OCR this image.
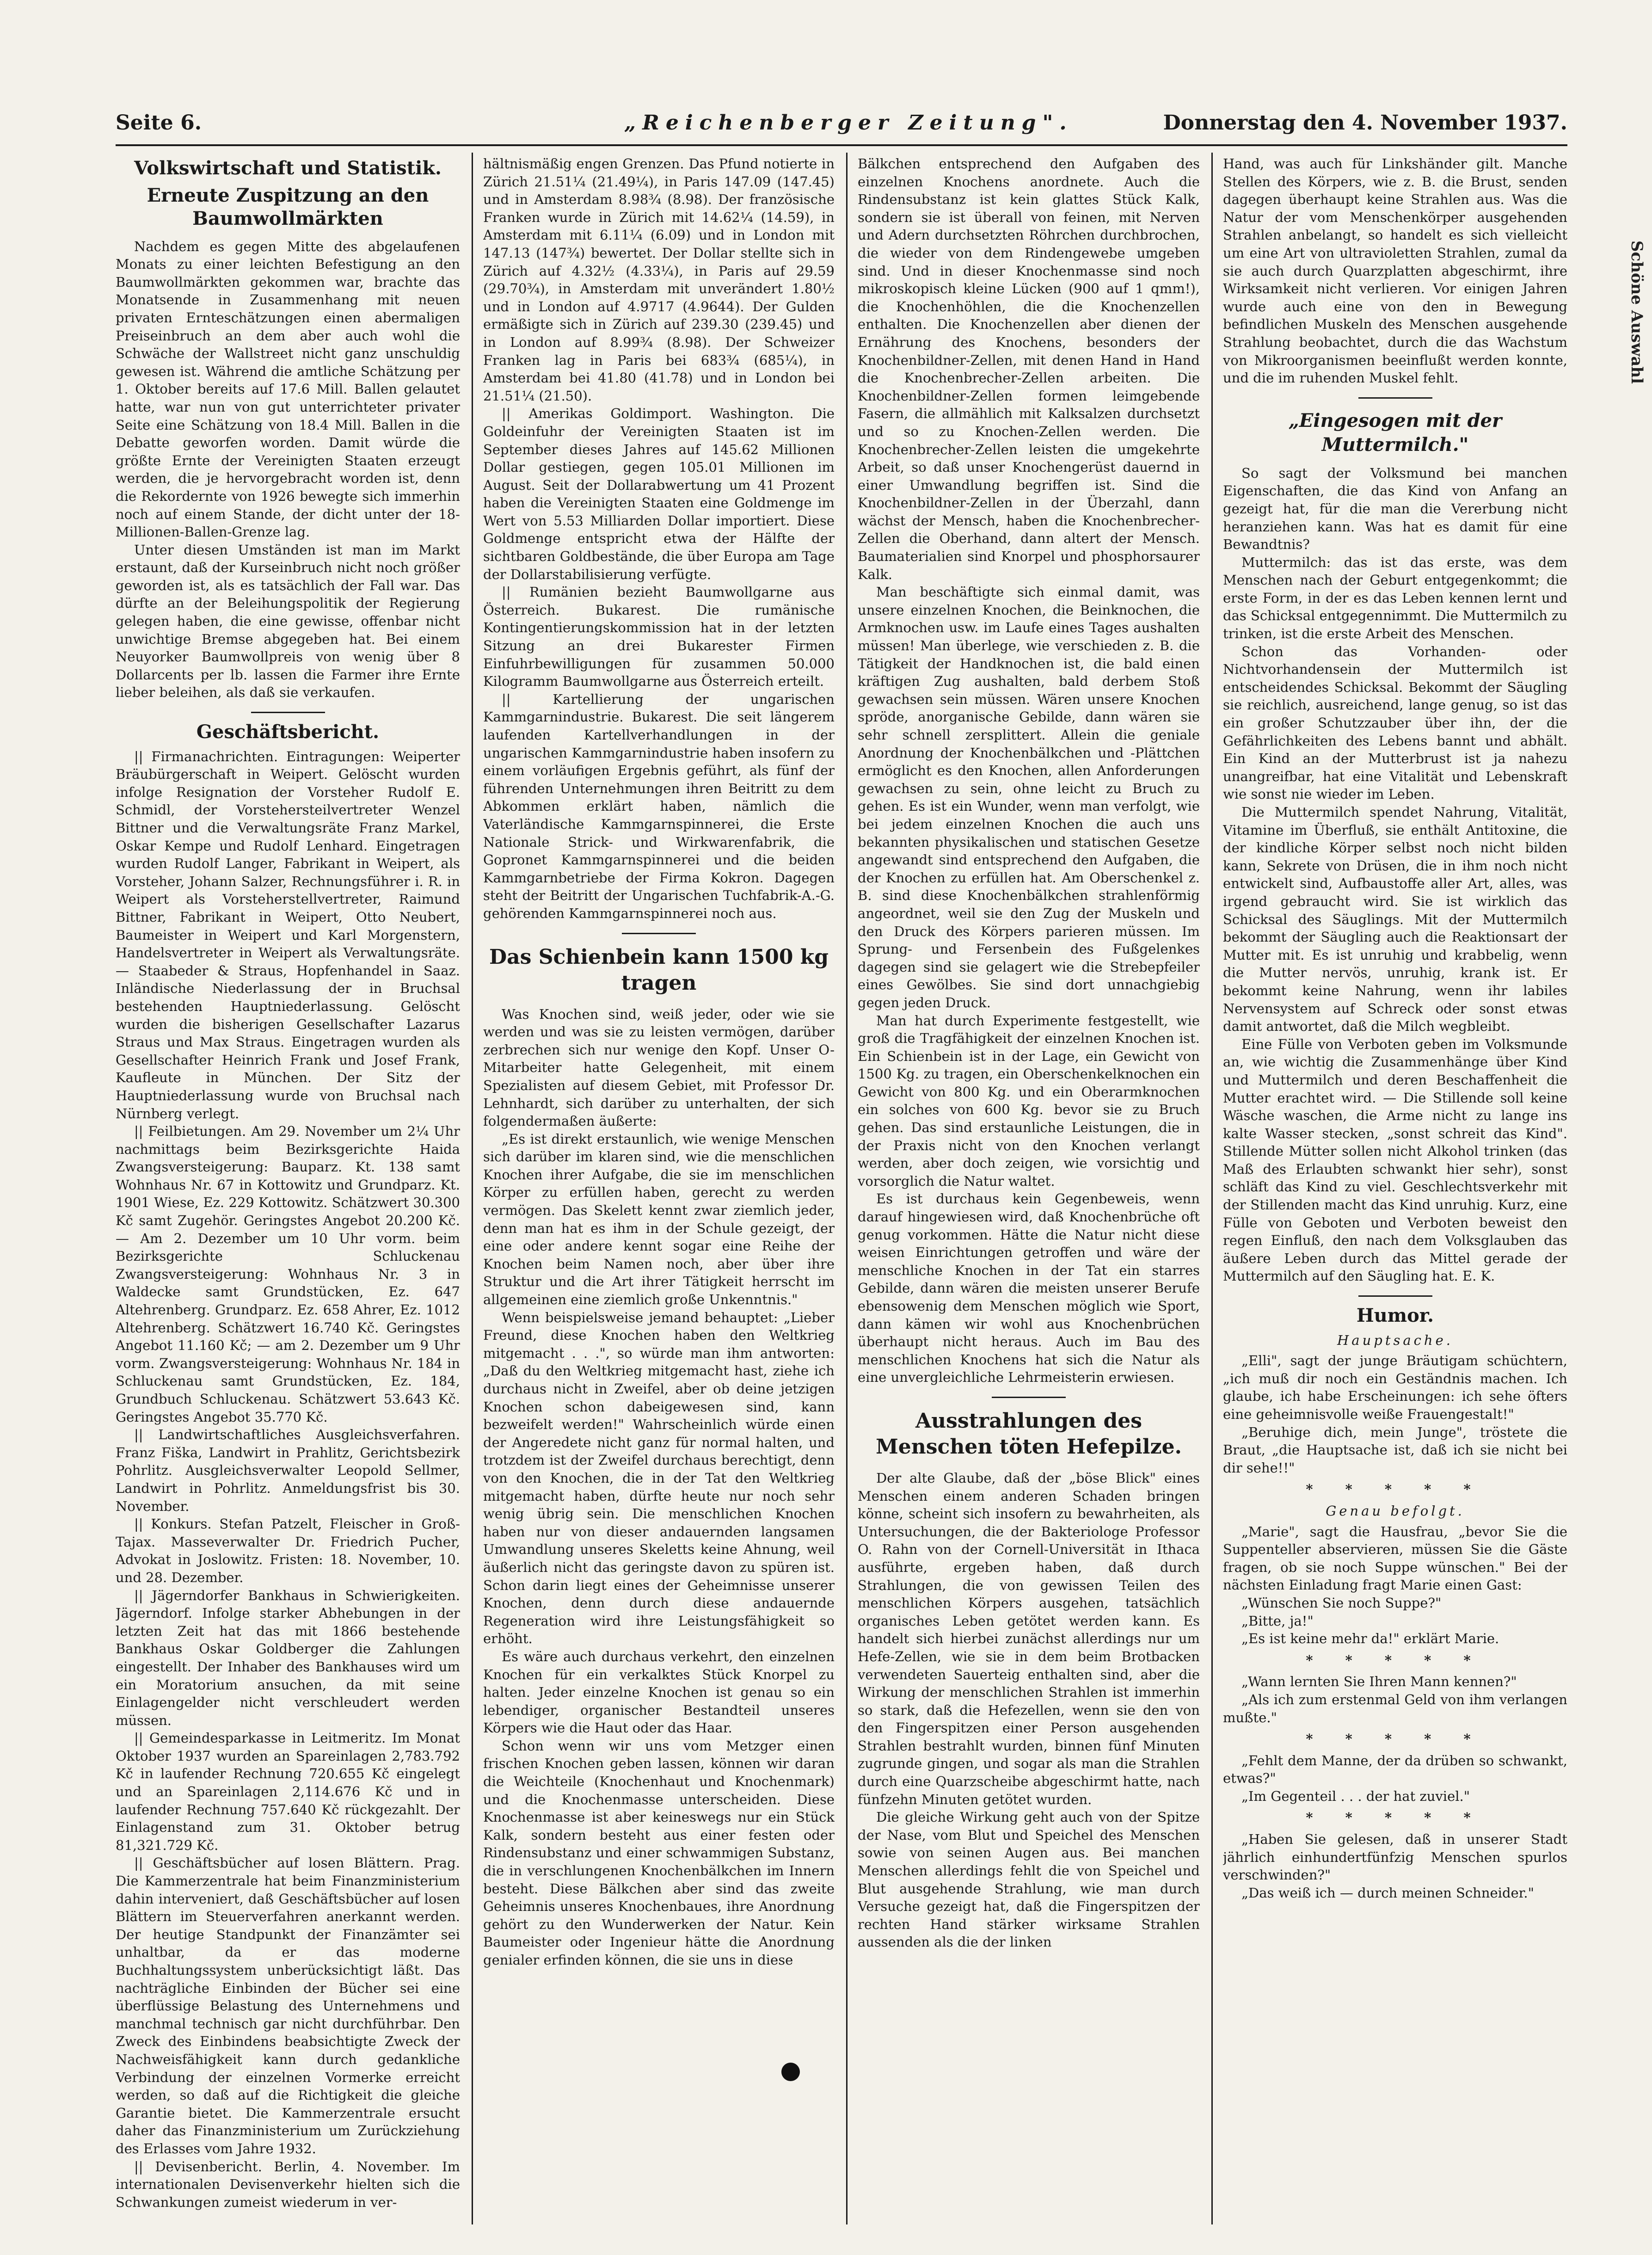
Seite 6.	„Reichenberger Zeitung".	Donnerstag den 4. November 1937.
Volkswirtschaft und Statistik.
Erneute Zuspitzung an den Baumwollmärkten

Nachdem es gegen Mitte des abgelaufenen Monats zu einer leichten Befestigung an den Baumwollmärkten gekommen war, brachte das Monatsende in Zusammenhang mit neuen privaten Ernteschätzungen einen abermaligen Preiseinbruch an dem aber auch wohl die Schwäche der Wallstreet nicht ganz unschuldig gewesen ist. Während die amtliche Schätzung per 1. Oktober bereits auf 17.6 Mill. Ballen gelautet hatte, war nun von gut unterrichteter privater Seite eine Schätzung von 18.4 Mill. Ballen in die Debatte geworfen worden. Damit würde die größte Ernte der Vereinigten Staaten erzeugt werden, die je hervorgebracht worden ist, denn die Rekordernte von 1926 bewegte sich immerhin noch auf einem Stande, der dicht unter der 18-Millionen-Ballen-Grenze lag.

Unter diesen Umständen ist man im Markt erstaunt, daß der Kurseinbruch nicht noch größer geworden ist, als es tatsächlich der Fall war. Das dürfte an der Beleihungspolitik der Regierung gelegen haben, die eine gewisse, offenbar nicht unwichtige Bremse abgegeben hat. Bei einem Neuyorker Baumwollpreis von wenig über 8 Dollarcents per lb. lassen die Farmer ihre Ernte lieber beleihen, als daß sie verkaufen.

Geschäftsbericht.

|| Firmanachrichten. Eintragungen: Weiperter Bräubürgerschaft in Weipert. Gelöscht wurden infolge Resignation der Vorsteher Rudolf E. Schmidl, der Vorstehersteilvertreter Wenzel Bittner und die Verwaltungsräte Franz Markel, Oskar Kempe und Rudolf Lenhard. Eingetragen wurden Rudolf Langer, Fabrikant in Weipert, als Vorsteher, Johann Salzer, Rechnungsführer i. R. in Weipert als Vorsteherstellvertreter, Raimund Bittner, Fabrikant in Weipert, Otto Neubert, Baumeister in Weipert und Karl Morgenstern, Handelsvertreter in Weipert als Verwaltungsräte. — Staabeder & Straus, Hopfenhandel in Saaz. Inländische Niederlassung der in Bruchsal bestehenden Hauptniederlassung. Gelöscht wurden die bisherigen Gesellschafter Lazarus Straus und Max Straus. Eingetragen wurden als Gesellschafter Heinrich Frank und Josef Frank, Kaufleute in München. Der Sitz der Hauptniederlassung wurde von Bruchsal nach Nürnberg verlegt.

|| Feilbietungen. Am 29. November um 2¼ Uhr nachmittags beim Bezirksgerichte Haida Zwangsversteigerung: Bauparz. Kt. 138 samt Wohnhaus Nr. 67 in Kottowitz und Grundparz. Kt. 1901 Wiese, Ez. 229 Kottowitz. Schätzwert 30.300 Kč samt Zugehör. Geringstes Angebot 20.200 Kč. — Am 2. Dezember um 10 Uhr vorm. beim Bezirksgerichte Schluckenau Zwangsversteigerung: Wohnhaus Nr. 3 in Waldecke samt Grundstücken, Ez. 647 Altehrenberg. Grundparz. Ez. 658 Ahrer, Ez. 1012 Altehrenberg. Schätzwert 16.740 Kč. Geringstes Angebot 11.160 Kč; — am 2. Dezember um 9 Uhr vorm. Zwangsversteigerung: Wohnhaus Nr. 184 in Schluckenau samt Grundstücken, Ez. 184, Grundbuch Schluckenau. Schätzwert 53.643 Kč. Geringstes Angebot 35.770 Kč.

|| Landwirtschaftliches Ausgleichsverfahren. Franz Fiška, Landwirt in Prahlitz, Gerichtsbezirk Pohrlitz. Ausgleichsverwalter Leopold Sellmer, Landwirt in Pohrlitz. Anmeldungsfrist bis 30. November.

|| Konkurs. Stefan Patzelt, Fleischer in Groß-Tajax. Masseverwalter Dr. Friedrich Pucher, Advokat in Joslowitz. Fristen: 18. November, 10. und 28. Dezember.

|| Jägerndorfer Bankhaus in Schwierigkeiten. Jägerndorf. Infolge starker Abhebungen in der letzten Zeit hat das mit 1866 bestehende Bankhaus Oskar Goldberger die Zahlungen eingestellt. Der Inhaber des Bankhauses wird um ein Moratorium ansuchen, da mit seine Einlagengelder nicht verschleudert werden müssen.

|| Gemeindesparkasse in Leitmeritz. Im Monat Oktober 1937 wurden an Spareinlagen 2,783.792 Kč in laufender Rechnung 720.655 Kč eingelegt und an Spareinlagen 2,114.676 Kč und in laufender Rechnung 757.640 Kč rückgezahlt. Der Einlagenstand zum 31. Oktober betrug 81,321.729 Kč.

|| Geschäftsbücher auf losen Blättern. Prag. Die Kammerzentrale hat beim Finanzministerium dahin interveniert, daß Geschäftsbücher auf losen Blättern im Steuerverfahren anerkannt werden. Der heutige Standpunkt der Finanzämter sei unhaltbar, da er das moderne Buchhaltungssystem unberücksichtigt läßt. Das nachträgliche Einbinden der Bücher sei eine überflüssige Belastung des Unternehmens und manchmal technisch gar nicht durchführbar. Den Zweck des Einbindens beabsichtigte Zweck der Nachweisfähigkeit kann durch gedankliche Verbindung der einzelnen Vormerke erreicht werden, so daß auf die Richtigkeit die gleiche Garantie bietet. Die Kammerzentrale ersucht daher das Finanzministerium um Zurückziehung des Erlasses vom Jahre 1932.

|| Devisenbericht. Berlin, 4. November. Im internationalen Devisenverkehr hielten sich die Schwankungen zumeist wiederum in ver-

hältnismäßig engen Grenzen. Das Pfund notierte in Zürich 21.51¼ (21.49¼), in Paris 147.09 (147.45) und in Amsterdam 8.98¾ (8.98). Der französische Franken wurde in Zürich mit 14.62¼ (14.59), in Amsterdam mit 6.11¼ (6.09) und in London mit 147.13 (147¾) bewertet. Der Dollar stellte sich in Zürich auf 4.32½ (4.33¼), in Paris auf 29.59 (29.70¾), in Amsterdam mit unverändert 1.80½ und in London auf 4.9717 (4.9644). Der Gulden ermäßigte sich in Zürich auf 239.30 (239.45) und in London auf 8.99¾ (8.98). Der Schweizer Franken lag in Paris bei 683¾ (685¼), in Amsterdam bei 41.80 (41.78) und in London bei 21.51¼ (21.50).

|| Amerikas Goldimport. Washington. Die Goldeinfuhr der Vereinigten Staaten ist im September dieses Jahres auf 145.62 Millionen Dollar gestiegen, gegen 105.01 Millionen im August. Seit der Dollarabwertung um 41 Prozent haben die Vereinigten Staaten eine Goldmenge im Wert von 5.53 Milliarden Dollar importiert. Diese Goldmenge entspricht etwa der Hälfte der sichtbaren Goldbestände, die über Europa am Tage der Dollarstabilisierung verfügte.

|| Rumänien bezieht Baumwollgarne aus Österreich. Bukarest. Die rumänische Kontingentierungskommission hat in der letzten Sitzung an drei Bukarester Firmen Einfuhrbewilligungen für zusammen 50.000 Kilogramm Baumwollgarne aus Österreich erteilt.

|| Kartellierung der ungarischen Kammgarnindustrie. Bukarest. Die seit längerem laufenden Kartellverhandlungen in der ungarischen Kammgarnindustrie haben insofern zu einem vorläufigen Ergebnis geführt, als fünf der führenden Unternehmungen ihren Beitritt zu dem Abkommen erklärt haben, nämlich die Vaterländische Kammgarnspinnerei, die Erste Nationale Strick- und Wirkwarenfabrik, die Gopronet Kammgarnspinnerei und die beiden Kammgarnbetriebe der Firma Kokron. Dagegen steht der Beitritt der Ungarischen Tuchfabrik-A.-G. gehörenden Kammgarnspinnerei noch aus.

Das Schienbein kann 1500 kg tragen

Was Knochen sind, weiß jeder, oder wie sie werden und was sie zu leisten vermögen, darüber zerbrechen sich nur wenige den Kopf. Unser O-Mitarbeiter hatte Gelegenheit, mit einem Spezialisten auf diesem Gebiet, mit Professor Dr. Lehnhardt, sich darüber zu unterhalten, der sich folgendermaßen äußerte:

„Es ist direkt erstaunlich, wie wenige Menschen sich darüber im klaren sind, wie die menschlichen Knochen ihrer Aufgabe, die sie im menschlichen Körper zu erfüllen haben, gerecht zu werden vermögen. Das Skelett kennt zwar ziemlich jeder, denn man hat es ihm in der Schule gezeigt, der eine oder andere kennt sogar eine Reihe der Knochen beim Namen noch, aber über ihre Struktur und die Art ihrer Tätigkeit herrscht im allgemeinen eine ziemlich große Unkenntnis."

Wenn beispielsweise jemand behauptet: „Lieber Freund, diese Knochen haben den Weltkrieg mitgemacht . . .", so würde man ihm antworten: „Daß du den Weltkrieg mitgemacht hast, ziehe ich durchaus nicht in Zweifel, aber ob deine jetzigen Knochen schon dabeigewesen sind, kann bezweifelt werden!" Wahrscheinlich würde einen der Angeredete nicht ganz für normal halten, und trotzdem ist der Zweifel durchaus berechtigt, denn von den Knochen, die in der Tat den Weltkrieg mitgemacht haben, dürfte heute nur noch sehr wenig übrig sein. Die menschlichen Knochen haben nur von dieser andauernden langsamen Umwandlung unseres Skeletts keine Ahnung, weil äußerlich nicht das geringste davon zu spüren ist. Schon darin liegt eines der Geheimnisse unserer Knochen, denn durch diese andauernde Regeneration wird ihre Leistungsfähigkeit so erhöht.

Es wäre auch durchaus verkehrt, den einzelnen Knochen für ein verkalktes Stück Knorpel zu halten. Jeder einzelne Knochen ist genau so ein lebendiger, organischer Bestandteil unseres Körpers wie die Haut oder das Haar.

Schon wenn wir uns vom Metzger einen frischen Knochen geben lassen, können wir daran die Weichteile (Knochenhaut und Knochenmark) und die Knochenmasse unterscheiden. Diese Knochenmasse ist aber keineswegs nur ein Stück Kalk, sondern besteht aus einer festen oder Rindensubstanz und einer schwammigen Substanz, die in verschlungenen Knochenbälkchen im Innern besteht. Diese Bälkchen aber sind das zweite Geheimnis unseres Knochenbaues, ihre Anordnung gehört zu den Wunderwerken der Natur. Kein Baumeister oder Ingenieur hätte die Anordnung genialer erfinden können, die sie uns in diese

Bälkchen entsprechend den Aufgaben des einzelnen Knochens anordnete. Auch die Rindensubstanz ist kein glattes Stück Kalk, sondern sie ist überall von feinen, mit Nerven und Adern durchsetzten Röhrchen durchbrochen, die wieder von dem Rindengewebe umgeben sind. Und in dieser Knochenmasse sind noch mikroskopisch kleine Lücken (900 auf 1 qmm!), die Knochenhöhlen, die die Knochenzellen enthalten. Die Knochenzellen aber dienen der Ernährung des Knochens, besonders der Knochenbildner-Zellen, mit denen Hand in Hand die Knochenbrecher-Zellen arbeiten. Die Knochenbildner-Zellen formen leimgebende Fasern, die allmählich mit Kalksalzen durchsetzt und so zu Knochen-Zellen werden. Die Knochenbrecher-Zellen leisten die umgekehrte Arbeit, so daß unser Knochengerüst dauernd in einer Umwandlung begriffen ist. Sind die Knochenbildner-Zellen in der Überzahl, dann wächst der Mensch, haben die Knochenbrecher-Zellen die Oberhand, dann altert der Mensch. Baumaterialien sind Knorpel und phosphorsaurer Kalk.

Man beschäftigte sich einmal damit, was unsere einzelnen Knochen, die Beinknochen, die Armknochen usw. im Laufe eines Tages aushalten müssen! Man überlege, wie verschieden z. B. die Tätigkeit der Handknochen ist, die bald einen kräftigen Zug aushalten, bald derbem Stoß gewachsen sein müssen. Wären unsere Knochen spröde, anorganische Gebilde, dann wären sie sehr schnell zersplittert. Allein die geniale Anordnung der Knochenbälkchen und -Plättchen ermöglicht es den Knochen, allen Anforderungen gewachsen zu sein, ohne leicht zu Bruch zu gehen. Es ist ein Wunder, wenn man verfolgt, wie bei jedem einzelnen Knochen die auch uns bekannten physikalischen und statischen Gesetze angewandt sind entsprechend den Aufgaben, die der Knochen zu erfüllen hat. Am Oberschenkel z. B. sind diese Knochenbälkchen strahlenförmig angeordnet, weil sie den Zug der Muskeln und den Druck des Körpers parieren müssen. Im Sprung- und Fersenbein des Fußgelenkes dagegen sind sie gelagert wie die Strebepfeiler eines Gewölbes. Sie sind dort unnachgiebig gegen jeden Druck.

Man hat durch Experimente festgestellt, wie groß die Tragfähigkeit der einzelnen Knochen ist. Ein Schienbein ist in der Lage, ein Gewicht von 1500 Kg. zu tragen, ein Oberschenkelknochen ein Gewicht von 800 Kg. und ein Oberarmknochen ein solches von 600 Kg. bevor sie zu Bruch gehen. Das sind erstaunliche Leistungen, die in der Praxis nicht von den Knochen verlangt werden, aber doch zeigen, wie vorsichtig und vorsorglich die Natur waltet.

Es ist durchaus kein Gegenbeweis, wenn darauf hingewiesen wird, daß Knochenbrüche oft genug vorkommen. Hätte die Natur nicht diese weisen Einrichtungen getroffen und wäre der menschliche Knochen in der Tat ein starres Gebilde, dann wären die meisten unserer Berufe ebensowenig dem Menschen möglich wie Sport, dann kämen wir wohl aus Knochenbrüchen überhaupt nicht heraus. Auch im Bau des menschlichen Knochens hat sich die Natur als eine unvergleichliche Lehrmeisterin erwiesen.

Ausstrahlungen des Menschen töten Hefepilze.

Der alte Glaube, daß der „böse Blick" eines Menschen einem anderen Schaden bringen könne, scheint sich insofern zu bewahrheiten, als Untersuchungen, die der Bakteriologe Professor O. Rahn von der Cornell-Universität in Ithaca ausführte, ergeben haben, daß durch Strahlungen, die von gewissen Teilen des menschlichen Körpers ausgehen, tatsächlich organisches Leben getötet werden kann. Es handelt sich hierbei zunächst allerdings nur um Hefe-Zellen, wie sie in dem beim Brotbacken verwendeten Sauerteig enthalten sind, aber die Wirkung der menschlichen Strahlen ist immerhin so stark, daß die Hefezellen, wenn sie den von den Fingerspitzen einer Person ausgehenden Strahlen bestrahlt wurden, binnen fünf Minuten zugrunde gingen, und sogar als man die Strahlen durch eine Quarzscheibe abgeschirmt hatte, nach fünfzehn Minuten getötet wurden.

Die gleiche Wirkung geht auch von der Spitze der Nase, vom Blut und Speichel des Menschen sowie von seinen Augen aus. Bei manchen Menschen allerdings fehlt die von Speichel und Blut ausgehende Strahlung, wie man durch Versuche gezeigt hat, daß die Fingerspitzen der rechten Hand stärker wirksame Strahlen aussenden als die der linken

Hand, was auch für Linkshänder gilt. Manche Stellen des Körpers, wie z. B. die Brust, senden dagegen überhaupt keine Strahlen aus. Was die Natur der vom Menschenkörper ausgehenden Strahlen anbelangt, so handelt es sich vielleicht um eine Art von ultravioletten Strahlen, zumal da sie auch durch Quarzplatten abgeschirmt, ihre Wirksamkeit nicht verlieren. Vor einigen Jahren wurde auch eine von den in Bewegung befindlichen Muskeln des Menschen ausgehende Strahlung beobachtet, durch die das Wachstum von Mikroorganismen beeinflußt werden konnte, und die im ruhenden Muskel fehlt.

„Eingesogen mit der Muttermilch."

So sagt der Volksmund bei manchen Eigenschaften, die das Kind von Anfang an gezeigt hat, für die man die Vererbung nicht heranziehen kann. Was hat es damit für eine Bewandtnis?

Muttermilch: das ist das erste, was dem Menschen nach der Geburt entgegenkommt; die erste Form, in der es das Leben kennen lernt und das Schicksal entgegennimmt. Die Muttermilch zu trinken, ist die erste Arbeit des Menschen.

Schon das Vorhanden- oder Nichtvorhandensein der Muttermilch ist entscheidendes Schicksal. Bekommt der Säugling sie reichlich, ausreichend, lange genug, so ist das ein großer Schutzzauber über ihn, der die Gefährlichkeiten des Lebens bannt und abhält. Ein Kind an der Mutterbrust ist ja nahezu unangreifbar, hat eine Vitalität und Lebenskraft wie sonst nie wieder im Leben.

Die Muttermilch spendet Nahrung, Vitalität, Vitamine im Überfluß, sie enthält Antitoxine, die der kindliche Körper selbst noch nicht bilden kann, Sekrete von Drüsen, die in ihm noch nicht entwickelt sind, Aufbaustoffe aller Art, alles, was irgend gebraucht wird. Sie ist wirklich das Schicksal des Säuglings. Mit der Muttermilch bekommt der Säugling auch die Reaktionsart der Mutter mit. Es ist unruhig und krabbelig, wenn die Mutter nervös, unruhig, krank ist. Er bekommt keine Nahrung, wenn ihr labiles Nervensystem auf Schreck oder sonst etwas damit antwortet, daß die Milch wegbleibt.

Eine Fülle von Verboten geben im Volksmunde an, wie wichtig die Zusammenhänge über Kind und Muttermilch und deren Beschaffenheit die Mutter erachtet wird. — Die Stillende soll keine Wäsche waschen, die Arme nicht zu lange ins kalte Wasser stecken, „sonst schreit das Kind". Stillende Mütter sollen nicht Alkohol trinken (das Maß des Erlaubten schwankt hier sehr), sonst schläft das Kind zu viel. Geschlechtsverkehr mit der Stillenden macht das Kind unruhig. Kurz, eine Fülle von Geboten und Verboten beweist den regen Einfluß, den nach dem Volksglauben das äußere Leben durch das Mittel gerade der Muttermilch auf den Säugling hat. E. K.

Humor.
Hauptsache.

„Elli", sagt der junge Bräutigam schüchtern, „ich muß dir noch ein Geständnis machen. Ich glaube, ich habe Erscheinungen: ich sehe öfters eine geheimnisvolle weiße Frauengestalt!"

„Beruhige dich, mein Junge", tröstete die Braut, „die Hauptsache ist, daß ich sie nicht bei dir sehe!!"

* * * * *
Genau befolgt.

„Marie", sagt die Hausfrau, „bevor Sie die Suppenteller abservieren, müssen Sie die Gäste fragen, ob sie noch Suppe wünschen." Bei der nächsten Einladung fragt Marie einen Gast:

„Wünschen Sie noch Suppe?"

„Bitte, ja!"

„Es ist keine mehr da!" erklärt Marie.

* * * * *

„Wann lernten Sie Ihren Mann kennen?"

„Als ich zum erstenmal Geld von ihm verlangen mußte."

* * * * *

„Fehlt dem Manne, der da drüben so schwankt, etwas?"

„Im Gegenteil . . . der hat zuviel."

* * * * *

„Haben Sie gelesen, daß in unserer Stadt jährlich einhundertfünfzig Menschen spurlos verschwinden?"

„Das weiß ich — durch meinen Schneider."

Schöne Auswahl
